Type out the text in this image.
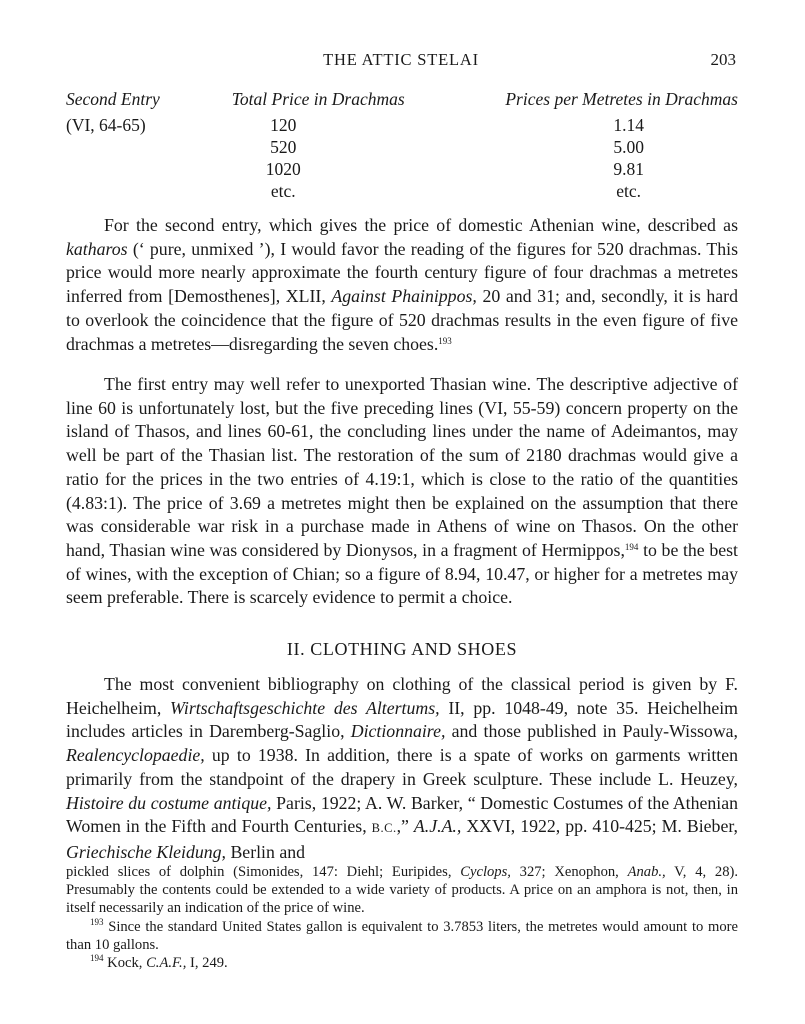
THE ATTIC STELAI	203
Second Entry	Total Price in Drachmas	Prices per Metretes in Drachmas
(VI, 64-65)	120	1.14
	520	5.00
	1020	9.81
	etc.	etc.

For the second entry, which gives the price of domestic Athenian wine, described as katharos (‘ pure, unmixed ’), I would favor the reading of the figures for 520 drachmas. This price would more nearly approximate the fourth century figure of four drachmas a metretes inferred from [Demosthenes], XLII, Against Phainippos, 20 and 31; and, secondly, it is hard to overlook the coincidence that the figure of 520 drachmas results in the even figure of five drachmas a metretes—disregarding the seven choes.$^{193}$

The first entry may well refer to unexported Thasian wine. The descriptive adjective of line 60 is unfortunately lost, but the five preceding lines (VI, 55-59) concern property on the island of Thasos, and lines 60-61, the concluding lines under the name of Adeimantos, may well be part of the Thasian list. The restoration of the sum of 2180 drachmas would give a ratio for the prices in the two entries of 4.19:1, which is close to the ratio of the quantities (4.83:1). The price of 3.69 a metretes might then be explained on the assumption that there was considerable war risk in a purchase made in Athens of wine on Thasos. On the other hand, Thasian wine was considered by Dionysos, in a fragment of Hermippos,$^{194}$ to be the best of wines, with the exception of Chian; so a figure of 8.94, 10.47, or higher for a metretes may seem preferable. There is scarcely evidence to permit a choice.

II. CLOTHING AND SHOES

The most convenient bibliography on clothing of the classical period is given by F. Heichelheim, Wirtschaftsgeschichte des Altertums, II, pp. 1048-49, note 35. Heichelheim includes articles in Daremberg-Saglio, Dictionnaire, and those published in Pauly-Wissowa, Realencyclopaedie, up to 1938. In addition, there is a spate of works on garments written primarily from the standpoint of the drapery in Greek sculpture. These include L. Heuzey, Histoire du costume antique, Paris, 1922; A. W. Barker, “ Domestic Costumes of the Athenian Women in the Fifth and Fourth Centuries, B.C.,” A.J.A., XXVI, 1922, pp. 410-425; M. Bieber, Griechische Kleidung, Berlin and

pickled slices of dolphin (Simonides, 147: Diehl; Euripides, Cyclops, 327; Xenophon, Anab., V, 4, 28). Presumably the contents could be extended to a wide variety of products. A price on an amphora is not, then, in itself necessarily an indication of the price of wine.

$^{193}$ Since the standard United States gallon is equivalent to 3.7853 liters, the metretes would amount to more than 10 gallons.

$^{194}$ Kock, C.A.F., I, 249.
